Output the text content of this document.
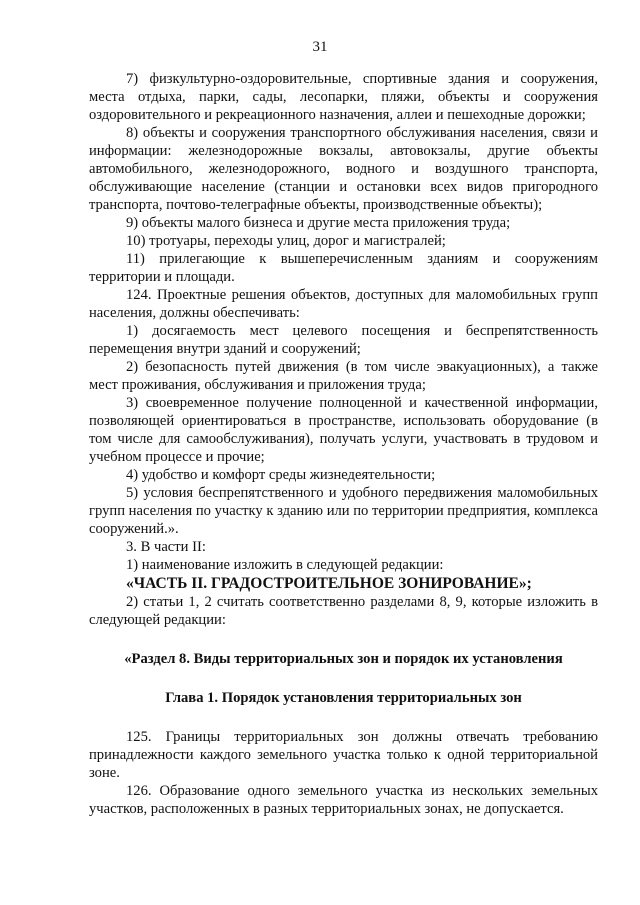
31
7) физкультурно-оздоровительные, спортивные здания и сооружения, места отдыха, парки, сады, лесопарки, пляжи, объекты и сооружения оздоровительного и рекреационного назначения, аллеи и пешеходные дорожки;
8) объекты и сооружения транспортного обслуживания населения, связи и информации: железнодорожные вокзалы, автовокзалы, другие объекты автомобильного, железнодорожного, водного и воздушного транспорта, обслуживающие население (станции и остановки всех видов пригородного транспорта, почтово-телеграфные объекты, производственные объекты);
9) объекты малого бизнеса и другие места приложения труда;
10) тротуары, переходы улиц, дорог и магистралей;
11) прилегающие к вышеперечисленным зданиям и сооружениям территории и площади.
124. Проектные решения объектов, доступных для маломобильных групп населения, должны обеспечивать:
1) досягаемость мест целевого посещения и беспрепятственность перемещения внутри зданий и сооружений;
2) безопасность путей движения (в том числе эвакуационных), а также мест проживания, обслуживания и приложения труда;
3) своевременное получение полноценной и качественной информации, позволяющей ориентироваться в пространстве, использовать оборудование (в том числе для самообслуживания), получать услуги, участвовать в трудовом и учебном процессе и прочие;
4) удобство и комфорт среды жизнедеятельности;
5) условия беспрепятственного и удобного передвижения маломобильных групп населения по участку к зданию или по территории предприятия, комплекса сооружений.».
3. В части II:
1) наименование изложить в следующей редакции:
«ЧАСТЬ II. ГРАДОСТРОИТЕЛЬНОЕ ЗОНИРОВАНИЕ»;
2) статьи 1, 2 считать соответственно разделами 8, 9, которые изложить в следующей редакции:
«Раздел 8. Виды территориальных зон и порядок их установления
Глава 1. Порядок установления территориальных зон
125. Границы территориальных зон должны отвечать требованию принадлежности каждого земельного участка только к одной территориальной зоне.
126. Образование одного земельного участка из нескольких земельных участков, расположенных в разных территориальных зонах, не допускается.
